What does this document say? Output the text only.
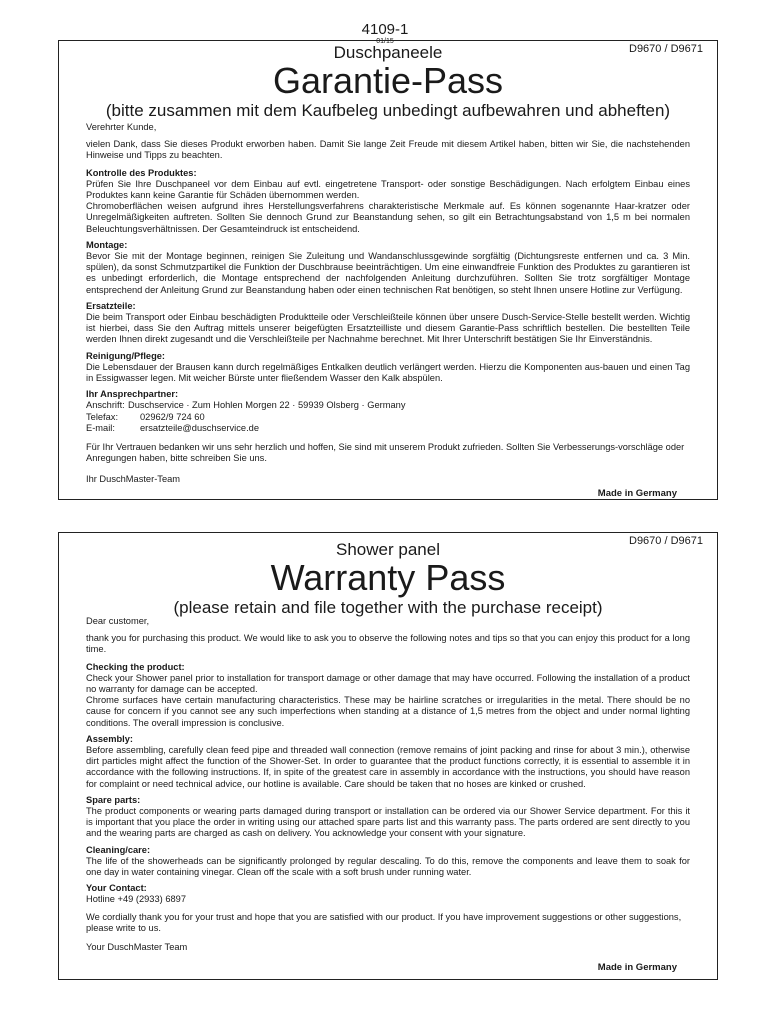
4109-1
01/15
D9670 / D9671
Duschpaneele
Garantie-Pass
(bitte zusammen mit dem Kaufbeleg unbedingt aufbewahren und abheften)

Verehrter Kunde,

vielen Dank, dass Sie dieses Produkt erworben haben. Damit Sie lange Zeit Freude mit diesem Artikel haben, bitten wir Sie, die nachstehenden Hinweise und Tipps zu beachten.

Kontrolle des Produktes:

Prüfen Sie Ihre Duschpaneel vor dem Einbau auf evtl. eingetretene Transport- oder sonstige Beschädigungen. Nach erfolgtem Einbau eines Produktes kann keine Garantie für Schäden übernommen werden.

Chromoberflächen weisen aufgrund ihres Herstellungsverfahrens charakteristische Merkmale auf. Es können sogenannte Haar-kratzer oder Unregelmäßigkeiten auftreten. Sollten Sie dennoch Grund zur Beanstandung sehen, so gilt ein Betrachtungsabstand von 1,5 m bei normalen Beleuchtungsverhältnissen. Der Gesamteindruck ist entscheidend.

Montage:

Bevor Sie mit der Montage beginnen, reinigen Sie Zuleitung und Wandanschlussgewinde sorgfältig (Dichtungsreste entfernen und ca. 3 Min. spülen), da sonst Schmutzpartikel die Funktion der Duschbrause beeinträchtigen. Um eine einwandfreie Funktion des Produktes zu garantieren ist es unbedingt erforderlich, die Montage entsprechend der nachfolgenden Anleitung durchzuführen. Sollten Sie trotz sorgfältiger Montage entsprechend der Anleitung Grund zur Beanstandung haben oder einen technischen Rat benötigen, so steht Ihnen unsere Hotline zur Verfügung.

Ersatzteile:

Die beim Transport oder Einbau beschädigten Produktteile oder Verschleißteile können über unsere Dusch-Service-Stelle bestellt werden. Wichtig ist hierbei, dass Sie den Auftrag mittels unserer beigefügten Ersatzteilliste und diesem Garantie-Pass schriftlich bestellen. Die bestellten Teile werden Ihnen direkt zugesandt und die Verschleißteile per Nachnahme berechnet. Mit Ihrer Unterschrift bestätigen Sie Ihr Einverständnis.

Reinigung/Pflege:

Die Lebensdauer der Brausen kann durch regelmäßiges Entkalken deutlich verlängert werden. Hierzu die Komponenten aus-bauen und einen Tag in Essigwasser legen. Mit weicher Bürste unter fließendem Wasser den Kalk abspülen.

Ihr Ansprechpartner:

Anschrift: Duschservice · Zum Hohlen Morgen 22 · 59939 Olsberg · Germany
Telefax:	02962/9 724 60
E-mail:	ersatzteile@duschservice.de

Für Ihr Vertrauen bedanken wir uns sehr herzlich und hoffen, Sie sind mit unserem Produkt zufrieden. Sollten Sie Verbesserungs-vorschläge oder Anregungen haben, bitte schreiben Sie uns.

Ihr DuschMaster-Team

Made in Germany
D9670 / D9671
Shower panel
Warranty Pass
(please retain and file together with the purchase receipt)

Dear customer,

thank you for purchasing this product. We would like to ask you to observe the following notes and tips so that you can enjoy this product for a long time.

Checking the product:

Check your Shower panel prior to installation for transport damage or other damage that may have occurred. Following the installation of a product no warranty for damage can be accepted.

Chrome surfaces have certain manufacturing characteristics. These may be hairline scratches or irregularities in the metal. There should be no cause for concern if you cannot see any such imperfections when standing at a distance of 1,5 metres from the object and under normal lighting conditions. The overall impression is conclusive.

Assembly:

Before assembling, carefully clean feed pipe and threaded wall connection (remove remains of joint packing and rinse for about 3 min.), otherwise dirt particles might affect the function of the Shower-Set. In order to guarantee that the product functions correctly, it is essential to assemble it in accordance with the following instructions. If, in spite of the greatest care in assembly in accordance with the instructions, you should have reason for complaint or need technical advice, our hotline is available. Care should be taken that no hoses are kinked or crushed.

Spare parts:

The product components or wearing parts damaged during transport or installation can be ordered via our Shower Service department. For this it is important that you place the order in writing using our attached spare parts list and this warranty pass. The parts ordered are sent directly to you and the wearing parts are charged as cash on delivery. You acknowledge your consent with your signature.

Cleaning/care:

The life of the showerheads can be significantly prolonged by regular descaling. To do this, remove the components and leave them to soak for one day in water containing vinegar. Clean off the scale with a soft brush under running water.

Your Contact:

Hotline +49 (2933) 6897

We cordially thank you for your trust and hope that you are satisfied with our product. If you have improvement suggestions or other suggestions, please write to us.

Your DuschMaster Team

Made in Germany
